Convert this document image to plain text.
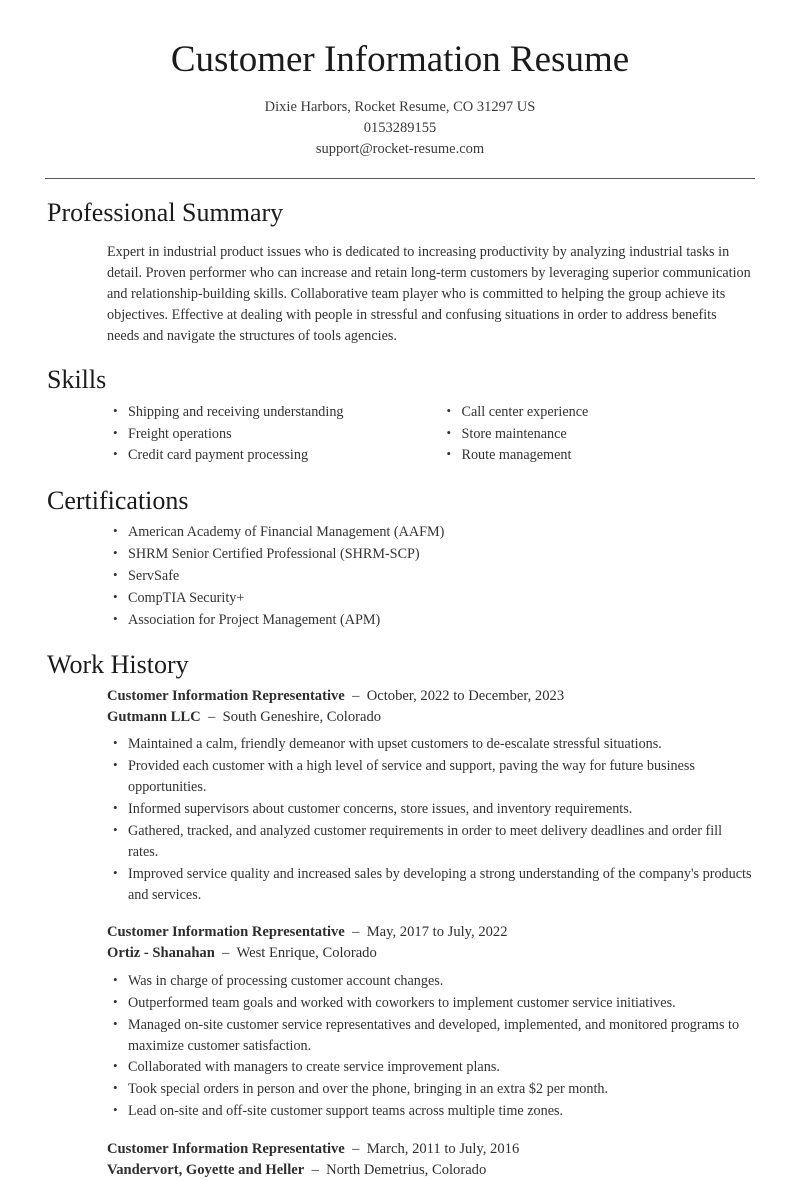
Customer Information Resume
Dixie Harbors, Rocket Resume, CO 31297 US
0153289155
support@rocket-resume.com
Professional Summary

Expert in industrial product issues who is dedicated to increasing productivity by analyzing industrial tasks in detail. Proven performer who can increase and retain long-term customers by leveraging superior communication and relationship-building skills. Collaborative team player who is committed to helping the group achieve its objectives. Effective at dealing with people in stressful and confusing situations in order to address benefits needs and navigate the structures of tools agencies.

Skills
• Shipping and receiving understanding
• Freight operations
• Credit card payment processing
• Call center experience
• Store maintenance
• Route management
Certifications
• American Academy of Financial Management (AAFM)
• SHRM Senior Certified Professional (SHRM-SCP)
• ServSafe
• CompTIA Security+
• Association for Project Management (APM)
Work History
Customer Information Representative  –  October, 2022 to December, 2023
Gutmann LLC  –  South Geneshire, Colorado
• Maintained a calm, friendly demeanor with upset customers to de-escalate stressful situations.
• Provided each customer with a high level of service and support, paving the way for future business opportunities.
• Informed supervisors about customer concerns, store issues, and inventory requirements.
• Gathered, tracked, and analyzed customer requirements in order to meet delivery deadlines and order fill rates.
• Improved service quality and increased sales by developing a strong understanding of the company's products and services.
Customer Information Representative  –  May, 2017 to July, 2022
Ortiz - Shanahan  –  West Enrique, Colorado
• Was in charge of processing customer account changes.
• Outperformed team goals and worked with coworkers to implement customer service initiatives.
• Managed on-site customer service representatives and developed, implemented, and monitored programs to maximize customer satisfaction.
• Collaborated with managers to create service improvement plans.
• Took special orders in person and over the phone, bringing in an extra $2 per month.
• Lead on-site and off-site customer support teams across multiple time zones.
Customer Information Representative  –  March, 2011 to July, 2016
Vandervort, Goyette and Heller  –  North Demetrius, Colorado
